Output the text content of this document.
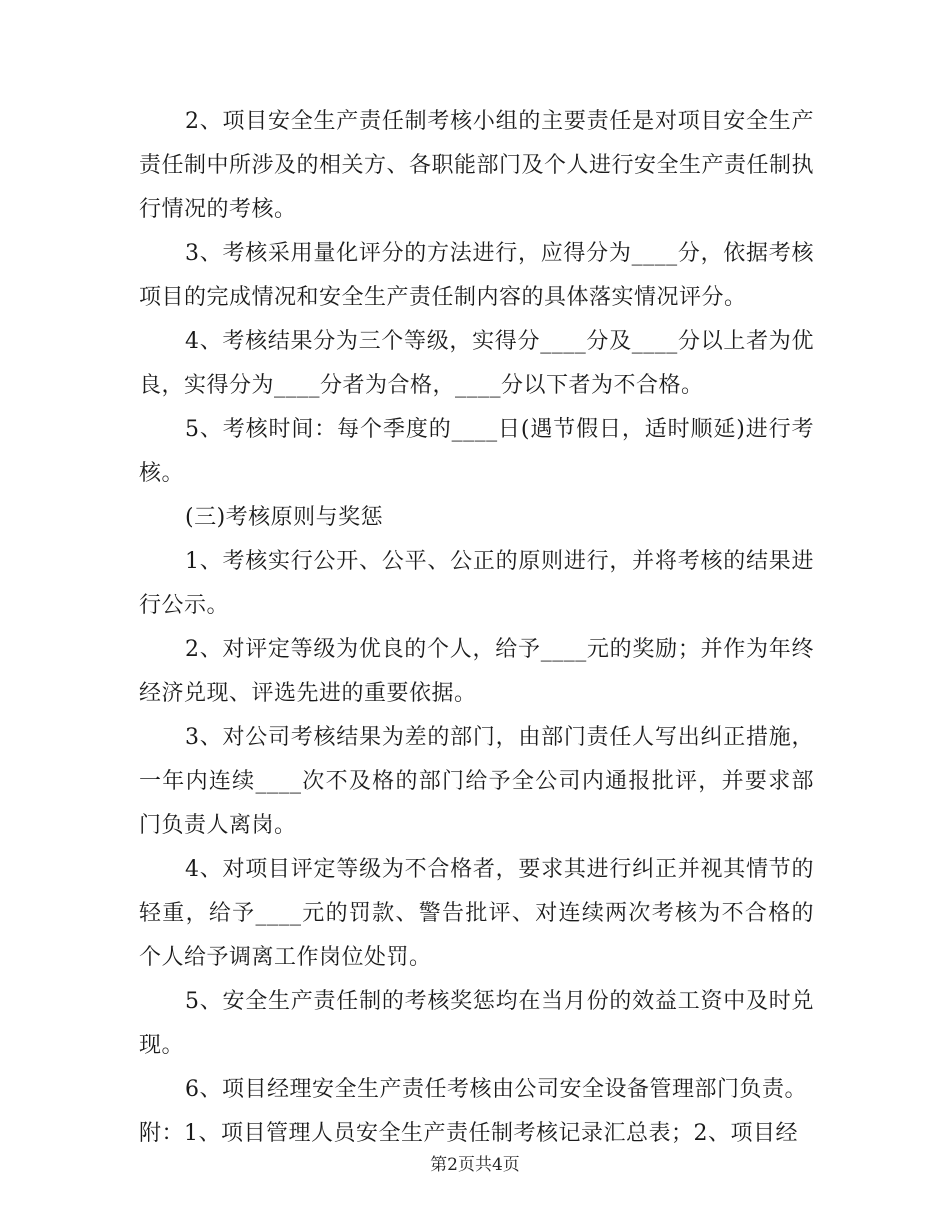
2、项目安全生产责任制考核小组的主要责任是对项目安全生产责任制中所涉及的相关方、各职能部门及个人进行安全生产责任制执行情况的考核。

3、考核采用量化评分的方法进行，应得分为____分，依据考核项目的完成情况和安全生产责任制内容的具体落实情况评分。

4、考核结果分为三个等级，实得分____分及____分以上者为优良，实得分为____分者为合格，____分以下者为不合格。

5、考核时间：每个季度的____日(遇节假日，适时顺延)进行考核。

(三)考核原则与奖惩

1、考核实行公开、公平、公正的原则进行，并将考核的结果进行公示。

2、对评定等级为优良的个人，给予____元的奖励；并作为年终经济兑现、评选先进的重要依据。

3、对公司考核结果为差的部门，由部门责任人写出纠正措施，一年内连续____次不及格的部门给予全公司内通报批评，并要求部门负责人离岗。

4、对项目评定等级为不合格者，要求其进行纠正并视其情节的轻重，给予____元的罚款、警告批评、对连续两次考核为不合格的个人给予调离工作岗位处罚。

5、安全生产责任制的考核奖惩均在当月份的效益工资中及时兑现。

6、项目经理安全生产责任考核由公司安全设备管理部门负责。

附：1、项目管理人员安全生产责任制考核记录汇总表；2、项目经

第2页共4页
